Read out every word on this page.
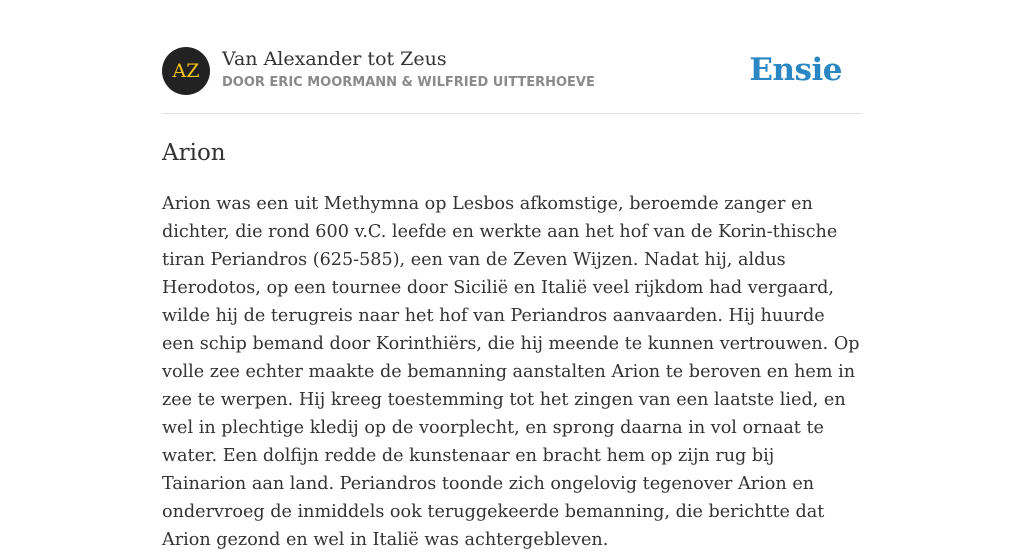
AZ
Van Alexander tot Zeus
DOOR ERIC MOORMANN & WILFRIED UITTERHOEVE	Ensie
Arion

Arion was een uit Methymna op Lesbos afkomstige, beroemde zanger en dichter, die rond 600 v.C. leefde en werkte aan het hof van de Korin-thische tiran Periandros (625-585), een van de Zeven Wijzen. Nadat hij, aldus Herodotos, op een tournee door Sicilië en Italië veel rijkdom had vergaard, wilde hij de terugreis naar het hof van Periandros aanvaarden. Hij huurde een schip bemand door Korinthiërs, die hij meende te kunnen vertrouwen. Op volle zee echter maakte de bemanning aanstalten Arion te beroven en hem in zee te werpen. Hij kreeg toestemming tot het zingen van een laatste lied, en wel in plechtige kledij op de voorplecht, en sprong daarna in vol ornaat te water. Een dolfijn redde de kunstenaar en bracht hem op zijn rug bij Tainarion aan land. Periandros toonde zich ongelovig tegenover Arion en ondervroeg de inmiddels ook teruggekeerde bemanning, die berichtte dat Arion gezond en wel in Italië was achtergebleven.
